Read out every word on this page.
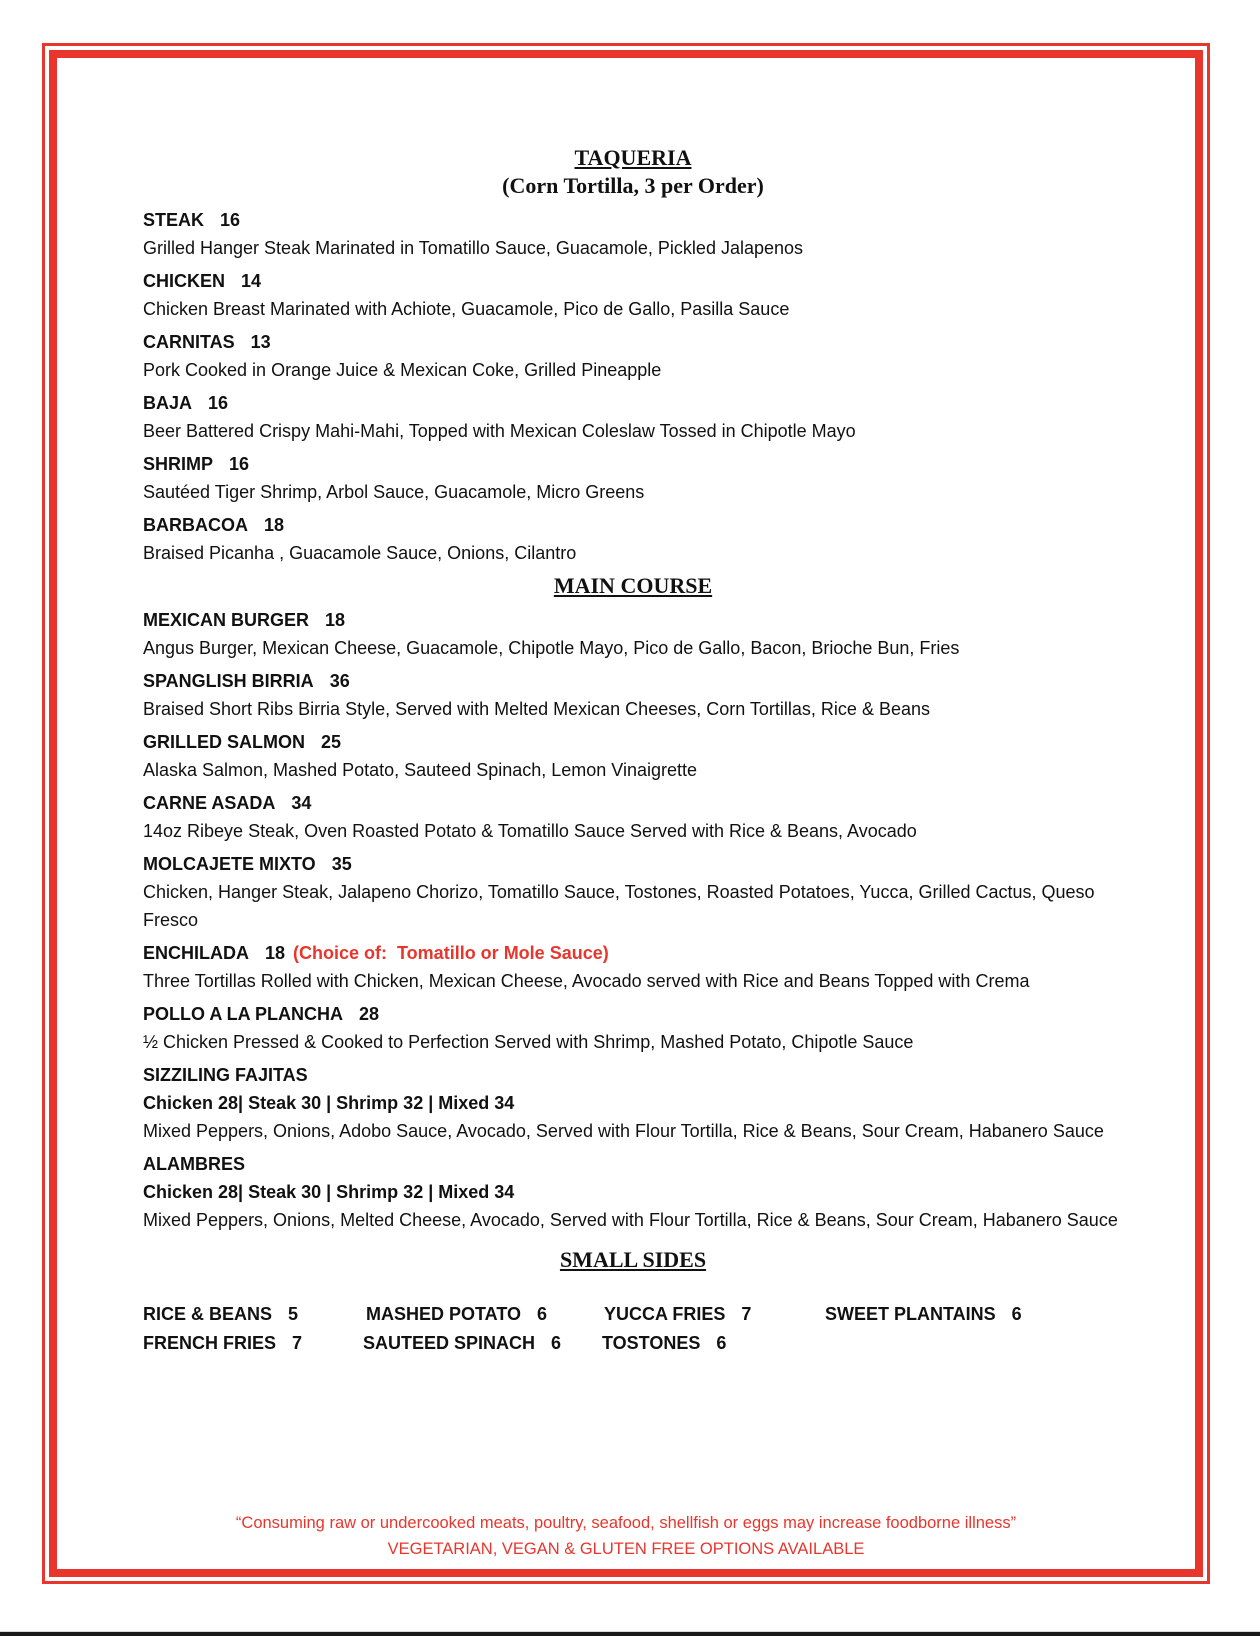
TAQUERIA
(Corn Tortilla, 3 per Order)
STEAK 16
Grilled Hanger Steak Marinated in Tomatillo Sauce, Guacamole, Pickled Jalapenos
CHICKEN 14
Chicken Breast Marinated with Achiote, Guacamole, Pico de Gallo, Pasilla Sauce
CARNITAS 13
Pork Cooked in Orange Juice & Mexican Coke, Grilled Pineapple
BAJA 16
Beer Battered Crispy Mahi-Mahi, Topped with Mexican Coleslaw Tossed in Chipotle Mayo
SHRIMP 16
Sautéed Tiger Shrimp, Arbol Sauce, Guacamole, Micro Greens
BARBACOA 18
Braised Picanha , Guacamole Sauce, Onions, Cilantro
MAIN COURSE
MEXICAN BURGER 18
Angus Burger, Mexican Cheese, Guacamole, Chipotle Mayo, Pico de Gallo, Bacon, Brioche Bun, Fries
SPANGLISH BIRRIA 36
Braised Short Ribs Birria Style, Served with Melted Mexican Cheeses, Corn Tortillas, Rice & Beans
GRILLED SALMON 25
Alaska Salmon, Mashed Potato, Sauteed Spinach, Lemon Vinaigrette
CARNE ASADA 34
14oz Ribeye Steak, Oven Roasted Potato & Tomatillo Sauce Served with Rice & Beans, Avocado
MOLCAJETE MIXTO 35
Chicken, Hanger Steak, Jalapeno Chorizo, Tomatillo Sauce, Tostones, Roasted Potatoes, Yucca, Grilled Cactus, Queso Fresco
ENCHILADA 18 (Choice of:  Tomatillo or Mole Sauce)
Three Tortillas Rolled with Chicken, Mexican Cheese, Avocado served with Rice and Beans Topped with Crema
POLLO A LA PLANCHA 28
½ Chicken Pressed & Cooked to Perfection Served with Shrimp, Mashed Potato, Chipotle Sauce
SIZZILING FAJITAS
Chicken 28| Steak 30 | Shrimp 32 | Mixed 34
Mixed Peppers, Onions, Adobo Sauce, Avocado, Served with Flour Tortilla, Rice & Beans, Sour Cream, Habanero Sauce
ALAMBRES
Chicken 28| Steak 30 | Shrimp 32 | Mixed 34
Mixed Peppers, Onions, Melted Cheese, Avocado, Served with Flour Tortilla, Rice & Beans, Sour Cream, Habanero Sauce
SMALL SIDES
RICE & BEANS 5	MASHED POTATO 6	YUCCA FRIES 7	SWEET PLANTAINS 6
FRENCH FRIES 7	SAUTEED SPINACH 6	TOSTONES 6
“Consuming raw or undercooked meats, poultry, seafood, shellfish or eggs may increase foodborne illness”
VEGETARIAN, VEGAN & GLUTEN FREE OPTIONS AVAILABLE
